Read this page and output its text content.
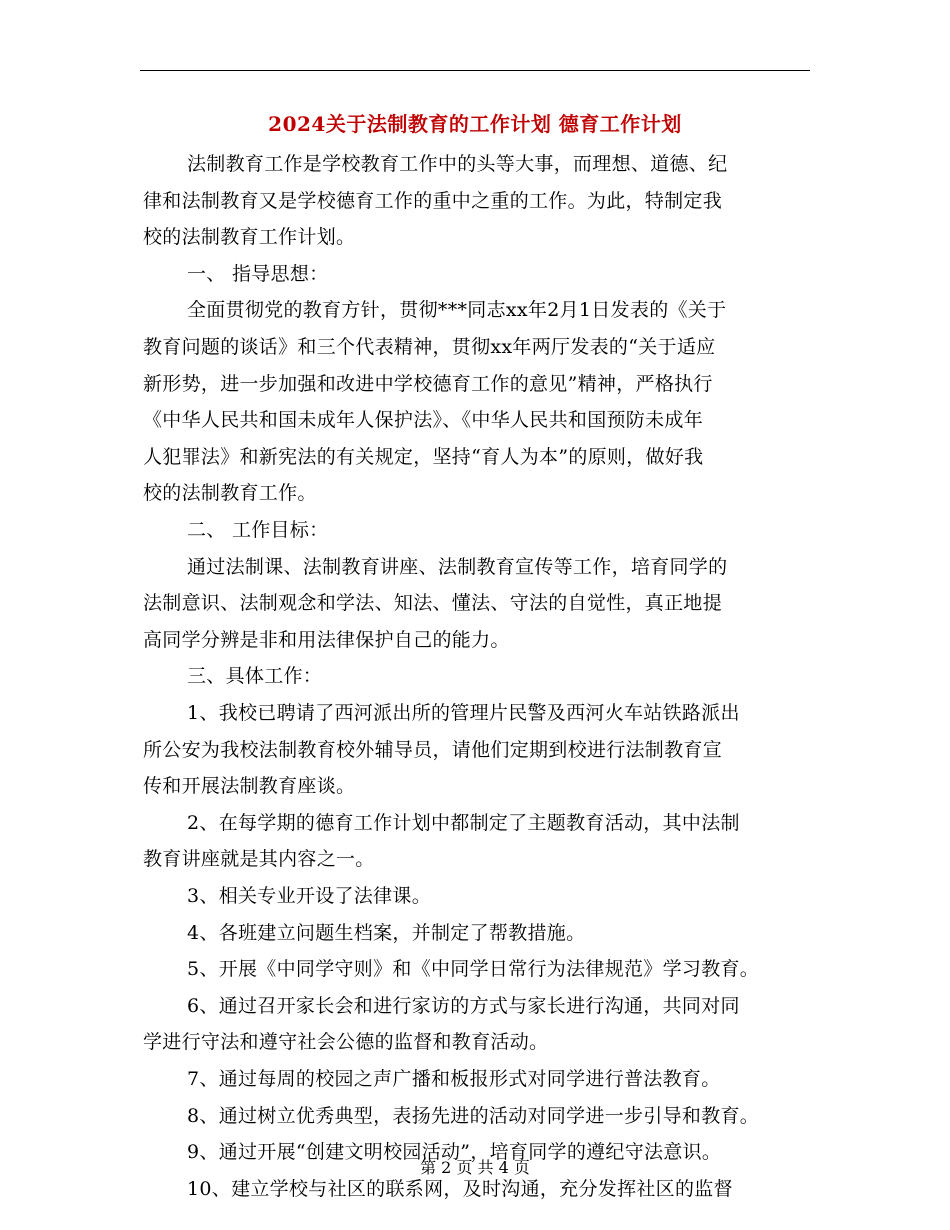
2024关于法制教育的工作计划 德育工作计划
法制教育工作是学校教育工作中的头等大事，而理想、道德、纪
律和法制教育又是学校德育工作的重中之重的工作。为此，特制定我
校的法制教育工作计划。
一、 指导思想：
全面贯彻党的教育方针，贯彻***同志xx年2月1日发表的《关于
教育问题的谈话》和三个代表精神，贯彻xx年两厅发表的“关于适应
新形势，进一步加强和改进中学校德育工作的意见”精神，严格执行
《中华人民共和国未成年人保护法》、《中华人民共和国预防未成年
人犯罪法》和新宪法的有关规定，坚持“育人为本”的原则，做好我
校的法制教育工作。
二、 工作目标：
通过法制课、法制教育讲座、法制教育宣传等工作，培育同学的
法制意识、法制观念和学法、知法、懂法、守法的自觉性，真正地提
高同学分辨是非和用法律保护自己的能力。
三、具体工作：
1、我校已聘请了西河派出所的管理片民警及西河火车站铁路派出
所公安为我校法制教育校外辅导员，请他们定期到校进行法制教育宣
传和开展法制教育座谈。
2、在每学期的德育工作计划中都制定了主题教育活动，其中法制
教育讲座就是其内容之一。
3、相关专业开设了法律课。
4、各班建立问题生档案，并制定了帮教措施。
5、开展《中同学守则》和《中同学日常行为法律规范》学习教育。
6、通过召开家长会和进行家访的方式与家长进行沟通，共同对同
学进行守法和遵守社会公德的监督和教育活动。
7、通过每周的校园之声广播和板报形式对同学进行普法教育。
8、通过树立优秀典型，表扬先进的活动对同学进一步引导和教育。
9、通过开展“创建文明校园活动”，培育同学的遵纪守法意识。
10、建立学校与社区的联系网，及时沟通，充分发挥社区的监督
第 2 页 共 4 页
